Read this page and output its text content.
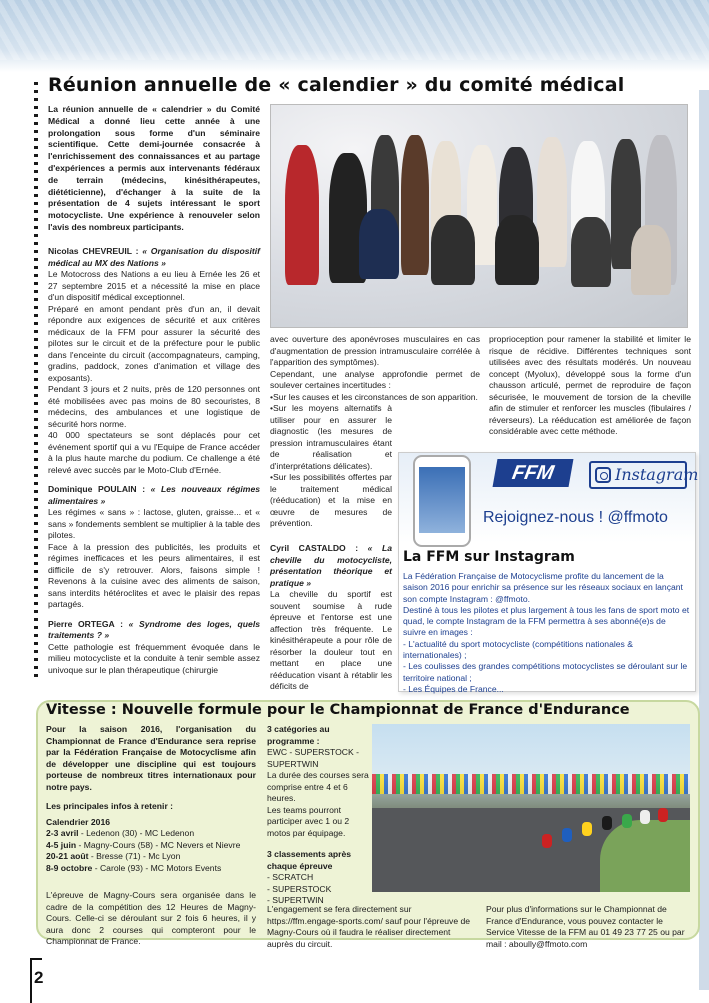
Réunion annuelle de « calendier » du comité médical
La réunion annuelle de « calendrier » du Comité Médical a donné lieu cette année à une prolongation sous forme d'un séminaire scientifique. Cette demi-journée consacrée à l'enrichissement des connaissances et au partage d'expériences a permis aux intervenants fédéraux de terrain (médecins, kinésithérapeutes, diététicienne), d'échanger à la suite de la présentation de 4 sujets intéressant le sport motocycliste. Une expérience à renouveler selon l'avis des nombreux participants.
Nicolas CHEVREUIL : « Organisation du dispositif médical au MX des Nations »

Le Motocross des Nations a eu lieu à Ernée les 26 et 27 septembre 2015 et a nécessité la mise en place d'un dispositif médical exceptionnel.

Préparé en amont pendant près d'un an, il devait répondre aux exigences de sécurité et aux critères médicaux de la FFM pour assurer la sécurité des pilotes sur le circuit et de la préfecture pour le public dans l'enceinte du circuit (accompagnateurs, camping, gradins, paddock, zones d'animation et village des exposants).

Pendant 3 jours et 2 nuits, près de 120 personnes ont été mobilisées avec pas moins de 80 secouristes, 8 médecins, des ambulances et une logistique de sécurité hors norme.

40 000 spectateurs se sont déplacés pour cet événement sportif qui a vu l'Equipe de France accéder à la plus haute marche du podium. Ce challenge a été relevé avec succès par le Moto-Club d'Ernée.

Dominique POULAIN : « Les nouveaux régimes alimentaires »

Les régimes « sans » : lactose, gluten, graisse... et « sans » fondements semblent se multiplier à la table des pilotes.

Face à la pression des publicités, les produits et régimes inefficaces et les peurs alimentaires, il est difficile de s'y retrouver. Alors, faisons simple ! Revenons à la cuisine avec des aliments de saison, sans interdits hétéroclites et avec le plaisir des repas partagés.

Pierre ORTEGA : « Syndrome des loges, quels traitements ? »

Cette pathologie est fréquemment évoquée dans le milieu motocycliste et la conduite à tenir semble assez univoque sur le plan thérapeutique (chirurgie

avec ouverture des aponévroses musculaires en cas d'augmentation de pression intramusculaire corrélée à l'apparition des symptômes).

Cependant, une analyse approfondie permet de soulever certaines incertitudes :

•Sur les causes et les circonstances de son apparition.

•Sur les moyens alternatifs à utiliser pour en assurer le diagnostic (les mesures de pression intramusculaires étant de réalisation et d'interprétations délicates).

•Sur les possibilités offertes par le traitement médical (rééducation) et la mise en œuvre de mesures de prévention.

Cyril CASTALDO : « La cheville du motocycliste, présentation théorique et pratique »

La cheville du sportif est souvent soumise à rude épreuve et l'entorse est une affection très fréquente. Le kinésithérapeute a pour rôle de résorber la douleur tout en mettant en place une rééducation visant à rétablir les déficits de

proprioception pour ramener la stabilité et limiter le risque de récidive. Différentes techniques sont utilisées avec des résultats modérés. Un nouveau concept (Myolux), développé sous la forme d'un chausson articulé, permet de reproduire de façon sécurisée, le mouvement de torsion de la cheville afin de stimuler et renforcer les muscles (fibulaires / réverseurs). La rééducation est améliorée de façon considérable avec cette méthode.

FFM	Instagram
Rejoignez-nous ! @ffmoto
La FFM sur Instagram

La Fédération Française de Motocyclisme profite du lancement de la saison 2016 pour enrichir sa présence sur les réseaux sociaux en lançant son compte Instagram : @ffmoto.

Destiné à tous les pilotes et plus largement à tous les fans de sport moto et quad, le compte Instagram de la FFM permettra à ses abonné(e)s de suivre en images :

- L'actualité du sport motocycliste (compétitions nationales & internationales) ;

- Les coulisses des grandes compétitions motocyclistes se déroulant sur le territoire national ;

- Les Équipes de France...

Vitesse : Nouvelle formule pour le Championnat de France d'Endurance

Pour la saison 2016, l'organisation du Championnat de France d'Endurance sera reprise par la Fédération Française de Motocyclisme afin de développer une discipline qui est toujours porteuse de nombreux titres internationaux pour notre pays.

Les principales infos à retenir :

Calendrier 2016

2-3 avril - Ledenon (30) - MC Ledenon

4-5 juin - Magny-Cours (58) - MC Nevers et Nievre

20-21 août - Bresse (71) - Mc Lyon

8-9 octobre - Carole (93) - MC Motors Events

L'épreuve de Magny-Cours sera organisée dans le cadre de la compétition des 12 Heures de Magny-Cours. Celle-ci se déroulant sur 2 fois 6 heures, il y aura donc 2 courses qui compteront pour le Championnat de France.

3 catégories au programme :

EWC - SUPERSTOCK - SUPERTWIN

La durée des courses sera comprise entre 4 et 6 heures.

Les teams pourront participer avec 1 ou 2 motos par équipage.

3 classements après chaque épreuve

- SCRATCH

- SUPERSTOCK

- SUPERTWIN

L'engagement se fera directement sur https://ffm.engage-sports.com/ sauf pour l'épreuve de Magny-Cours où il faudra le réaliser directement auprès du circuit.
Pour plus d'informations sur le Championnat de France d'Endurance, vous pouvez contacter le Service Vitesse de la FFM au 01 49 23 77 25 ou par mail : aboully@ffmoto.com
2
